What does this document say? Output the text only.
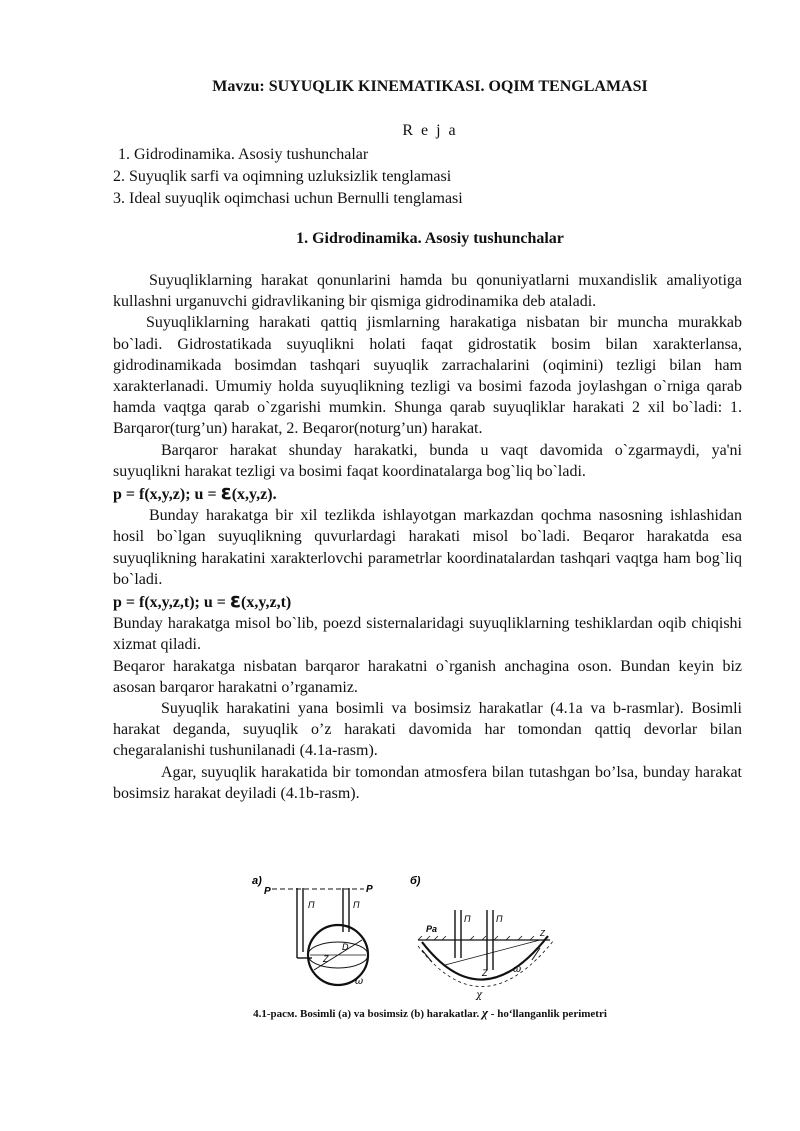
Mavzu: SUYUQLIK KINEMATIKASI. OQIM TENGLAMASI
R e j a
1. Gidrodinamika. Asosiy tushunchalar
2. Suyuqlik sarfi va oqimning uzluksizlik tenglamasi
3. Ideal suyuqlik oqimchasi uchun Bernulli tenglamasi
1. Gidrodinamika. Asosiy tushunchalar

Suyuqliklarning harakat qonunlarini hamda bu qonuniyatlarni muxandislik amaliyotiga kullashni urganuvchi gidravlikaning bir qismiga gidrodinamika deb ataladi.

Suyuqliklarning harakati qattiq jismlarning harakatiga nisbatan bir muncha murakkab bo`ladi. Gidrostatikada suyuqlikni holati faqat gidrostatik bosim bilan xarakterlansa, gidrodinamikada bosimdan tashqari suyuqlik zarrachalarini (oqimini) tezligi bilan ham xarakterlanadi. Umumiy holda suyuqlikning tezligi va bosimi fazoda joylashgan o`rniga qarab hamda vaqtga qarab o`zgarishi mumkin. Shunga qarab suyuqliklar harakati 2 xil bo`ladi: 1. Barqaror(turg’un) harakat, 2. Beqaror(noturg’un) harakat.

Barqaror harakat shunday harakatki, bunda u vaqt davomida o`zgarmaydi, ya'ni suyuqlikni harakat tezligi va bosimi faqat koordinatalarga bog`liq bo`ladi.

p = f(x,y,z); u = ε(x,y,z).

Bunday harakatga bir xil tezlikda ishlayotgan markazdan qochma nasosning ishlashidan hosil bo`lgan suyuqlikning quvurlardagi harakati misol bo`ladi. Beqaror harakatda esa suyuqlikning harakatini xarakterlovchi parametrlar koordinatalardan tashqari vaqtga ham bog`liq bo`ladi.

p = f(x,y,z,t); u = ε(x,y,z,t)

Bunday harakatga misol bo`lib, poezd sisternalaridagi suyuqliklarning teshiklardan oqib chiqishi xizmat qiladi.

Beqaror harakatga nisbatan barqaror harakatni o`rganish anchagina oson. Bundan keyin biz asosan barqaror harakatni o’rganamiz.

Suyuqlik harakatini yana bosimli va bosimsiz harakatlar (4.1a va b-rasmlar). Bosimli harakat deganda, suyuqlik o’z harakati davomida har tomondan qattiq devorlar bilan chegaralanishi tushunilanadi (4.1a-rasm).

Agar, suyuqlik harakatida bir tomondan atmosfera bilan tutashgan bo’lsa, bunday harakat bosimsiz harakat deyiladi (4.1b-rasm).

a)
P	P
П	П
Z
D
ω
б)
Pa
П	П
Z	ω
Z
χ
4.1-рaсм. Bosimli (a) va bosimsiz (b) harakatlar. χ - ho‘llanganlik perimetri
